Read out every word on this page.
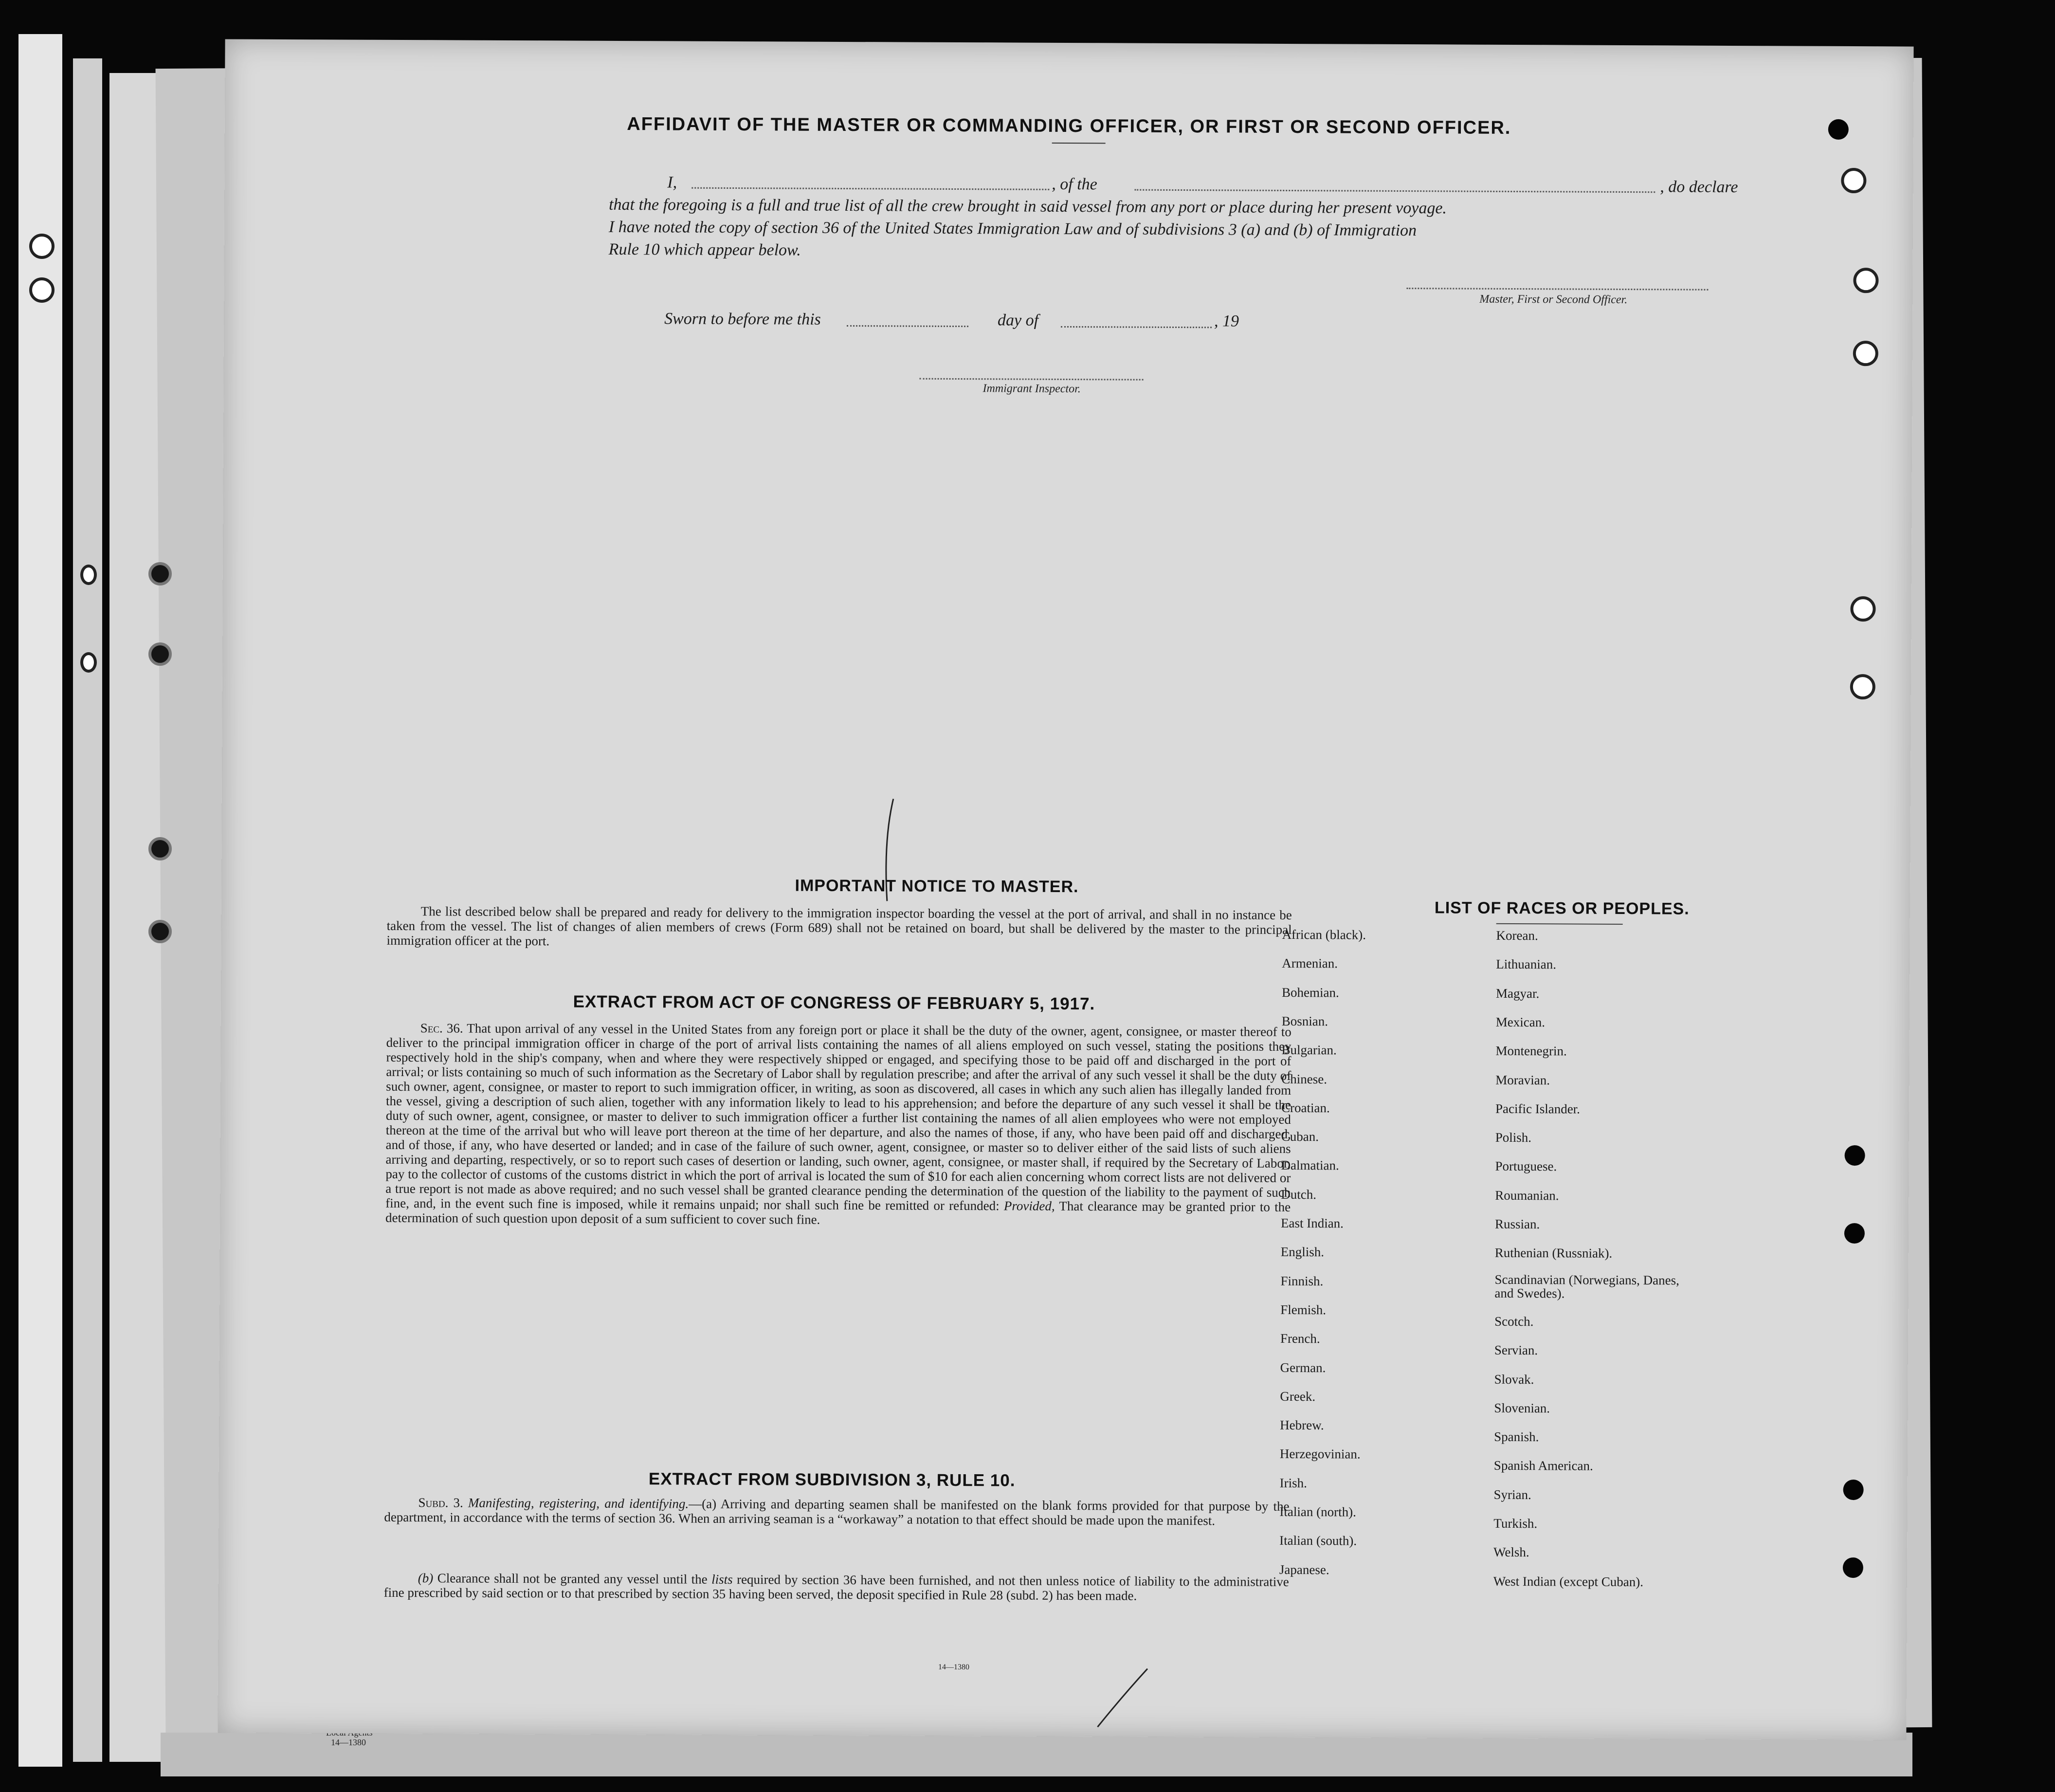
14—1380
​	AFFIDAVIT OF THE MASTER OR COMMANDING OFFICER, OR FIRST OR SECOND OFFICER.
I,	, of the	, do declare
that the foregoing is a full and true list of all the crew brought in said vessel from any port or place during her present voyage.
I have noted the copy of section 36 of the United States Immigration Law and of subdivisions 3 (a) and (b) of Immigration
Rule 10 which appear below.
Master, First or Second Officer.
Sworn to before me this	day of	, 19
Immigrant Inspector.
IMPORTANT NOTICE TO MASTER.
The list described below shall be prepared and ready for delivery to the immigration inspector boarding the vessel at the port of arrival, and shall in no instance be taken from the vessel. The list of changes of alien members of crews (Form 689) shall not be retained on board, but shall be delivered by the master to the principal immigration officer at the port.
EXTRACT FROM ACT OF CONGRESS OF FEBRUARY 5, 1917.
Sec. 36. That upon arrival of any vessel in the United States from any foreign port or place it shall be the duty of the owner, agent, consignee, or master thereof to deliver to the principal immigration officer in charge of the port of arrival lists containing the names of all aliens employed on such vessel, stating the positions they respectively hold in the ship's company, when and where they were respectively shipped or engaged, and specifying those to be paid off and discharged in the port of arrival; or lists containing so much of such information as the Secretary of Labor shall by regulation prescribe; and after the arrival of any such vessel it shall be the duty of such owner, agent, consignee, or master to report to such immigration officer, in writing, as soon as discovered, all cases in which any such alien has illegally landed from the vessel, giving a description of such alien, together with any information likely to lead to his apprehension; and before the departure of any such vessel it shall be the duty of such owner, agent, consignee, or master to deliver to such immigration officer a further list containing the names of all alien employees who were not employed thereon at the time of the arrival but who will leave port thereon at the time of her departure, and also the names of those, if any, who have been paid off and discharged, and of those, if any, who have deserted or landed; and in case of the failure of such owner, agent, consignee, or master so to deliver either of the said lists of such aliens arriving and departing, respectively, or so to report such cases of desertion or landing, such owner, agent, consignee, or master shall, if required by the Secretary of Labor, pay to the collector of customs of the customs district in which the port of arrival is located the sum of $10 for each alien concerning whom correct lists are not delivered or a true report is not made as above required; and no such vessel shall be granted clearance pending the determination of the question of the liability to the payment of such fine, and, in the event such fine is imposed, while it remains unpaid; nor shall such fine be remitted or refunded: Provided, That clearance may be granted prior to the determination of such question upon deposit of a sum sufficient to cover such fine.
EXTRACT FROM SUBDIVISION 3, RULE 10.
Subd. 3. Manifesting, registering, and identifying.—(a) Arriving and departing seamen shall be manifested on the blank forms provided for that purpose by the department, in accordance with the terms of section 36. When an arriving seaman is a “workaway” a notation to that effect should be made upon the manifest.
(b) Clearance shall not be granted any vessel until the lists required by section 36 have been furnished, and not then unless notice of liability to the administrative fine prescribed by said section or to that prescribed by section 35 having been served, the deposit specified in Rule 28 (subd. 2) has been made.
14—1380
LIST OF RACES OR PEOPLES.
African (black).
Armenian.
Bohemian.
Bosnian.
Bulgarian.
Chinese.
Croatian.
Cuban.
Dalmatian.
Dutch.
East Indian.
English.
Finnish.
Flemish.
French.
German.
Greek.
Hebrew.
Herzegovinian.
Irish.
Italian (north).
Italian (south).
Japanese.
Korean.
Lithuanian.
Magyar.
Mexican.
Montenegrin.
Moravian.
Pacific Islander.
Polish.
Portuguese.
Roumanian.
Russian.
Ruthenian (Russniak).
Scandinavian (Norwegians, Danes, and Swedes).
Scotch.
Servian.
Slovak.
Slovenian.
Spanish.
Spanish American.
Syrian.
Turkish.
Welsh.
West Indian (except Cuban).
